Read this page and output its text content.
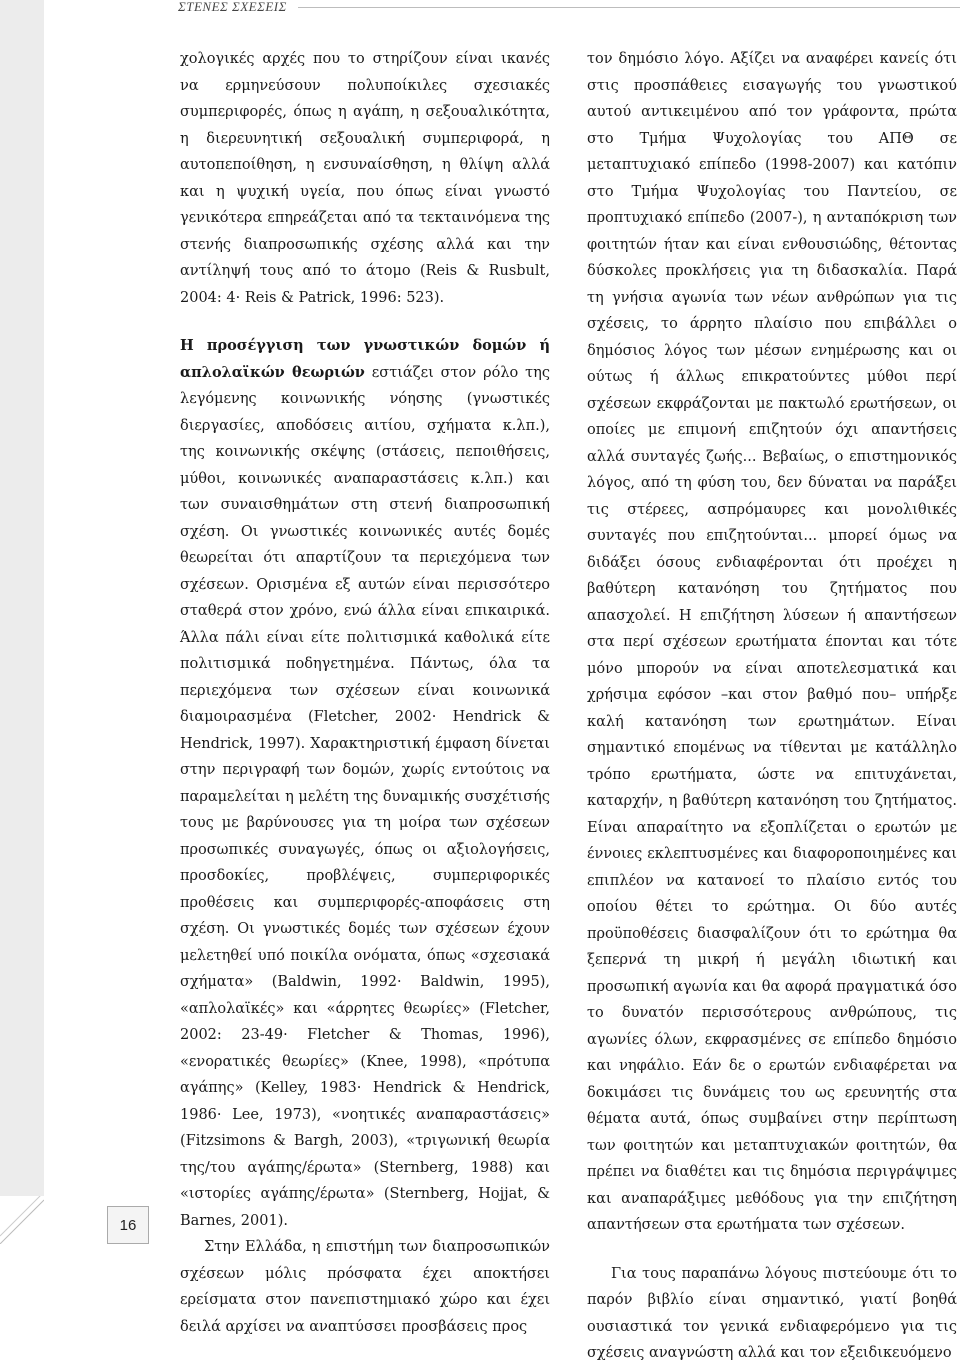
ΣΤΕΝΕΣ ΣΧΕΣΕΙΣ

χολογικές αρχές που το στηρίζουν είναι ικανές να ερμηνεύσουν πολυποίκιλες σχεσιακές συμπεριφορές, όπως η αγάπη, η σεξουαλικότητα, η διερευνητική σεξουαλική συμπεριφορά, η αυτοπεποίθηση, η ενσυναίσθηση, η θλίψη αλλά και η ψυχική υγεία, που όπως είναι γνωστό γενικότερα επηρεάζεται από τα τεκταινόμενα της στενής διαπροσωπικής σχέσης αλλά και την αντίληψή τους από το άτομο (Reis & Rusbult, 2004: 4· Reis & Patrick, 1996: 523).

Η προσέγγιση των γνωστικών δομών ή απλολαϊκών θεωριών εστιάζει στον ρόλο της λεγόμενης κοινωνικής νόησης (γνωστικές διεργασίες, αποδόσεις αιτίου, σχήματα κ.λπ.), της κοινωνικής σκέψης (στάσεις, πεποιθήσεις, μύθοι, κοινωνικές αναπαραστάσεις κ.λπ.) και των συναισθημάτων στη στενή διαπροσωπική σχέση. Οι γνωστικές κοινωνικές αυτές δομές θεωρείται ότι απαρτίζουν τα περιεχόμενα των σχέσεων. Ορισμένα εξ αυτών είναι περισσότερο σταθερά στον χρόνο, ενώ άλλα είναι επικαιρικά. Άλλα πάλι είναι είτε πολιτισμικά καθολικά είτε πολιτισμικά ποδηγετημένα. Πάντως, όλα τα περιεχόμενα των σχέσεων είναι κοινωνικά διαμοιρασμένα (Fletcher, 2002· Hendrick & Hendrick, 1997). Χαρακτηριστική έμφαση δίνεται στην περιγραφή των δομών, χωρίς εντούτοις να παραμελείται η μελέτη της δυναμικής συσχέτισής τους με βαρύνουσες για τη μοίρα των σχέσεων προσωπικές συναγωγές, όπως οι αξιολογήσεις, προσδοκίες, προβλέψεις, συμπεριφορικές προθέσεις και συμπεριφορές-αποφάσεις στη σχέση. Οι γνωστικές δομές των σχέσεων έχουν μελετηθεί υπό ποικίλα ονόματα, όπως «σχεσιακά σχήματα» (Baldwin, 1992· Baldwin, 1995), «απλολαϊκές» και «άρρητες θεωρίες» (Fletcher, 2002: 23-49· Fletcher & Thomas, 1996), «ενορατικές θεωρίες» (Knee, 1998), «πρότυπα αγάπης» (Kelley, 1983· Hendrick & Hendrick, 1986· Lee, 1973), «νοητικές αναπαραστάσεις» (Fitzsimons & Bargh, 2003), «τριγωνική θεωρία της/του αγάπης/έρωτα» (Sternberg, 1988) και «ιστορίες αγάπης/έρωτα» (Sternberg, Hojjat, & Barnes, 2001).

Στην Ελλάδα, η επιστήμη των διαπροσωπικών σχέσεων μόλις πρόσφατα έχει αποκτήσει ερείσματα στον πανεπιστημιακό χώρο και έχει δειλά αρχίσει να αναπτύσσει προσβάσεις προς

τον δημόσιο λόγο. Αξίζει να αναφέρει κανείς ότι στις προσπάθειες εισαγωγής του γνωστικού αυτού αντικειμένου από τον γράφοντα, πρώτα στο Τμήμα Ψυχολογίας του ΑΠΘ σε μεταπτυχιακό επίπεδο (1998-2007) και κατόπιν στο Τμήμα Ψυχολογίας του Παντείου, σε προπτυχιακό επίπεδο (2007-), η ανταπόκριση των φοιτητών ήταν και είναι ενθουσιώδης, θέτοντας δύσκολες προκλήσεις για τη διδασκαλία. Παρά τη γνήσια αγωνία των νέων ανθρώπων για τις σχέσεις, το άρρητο πλαίσιο που επιβάλλει ο δημόσιος λόγος των μέσων ενημέρωσης και οι ούτως ή άλλως επικρατούντες μύθοι περί σχέσεων εκφράζονται με πακτωλό ερωτήσεων, οι οποίες με επιμονή επιζητούν όχι απαντήσεις αλλά συνταγές ζωής... Βεβαίως, ο επιστημονικός λόγος, από τη φύση του, δεν δύναται να παράξει τις στέρεες, ασπρόμαυρες και μονολιθικές συνταγές που επιζητούνται... μπορεί όμως να διδάξει όσους ενδιαφέρονται ότι προέχει η βαθύτερη κατανόηση του ζητήματος που απασχολεί. Η επιζήτηση λύσεων ή απαντήσεων στα περί σχέσεων ερωτήματα έπονται και τότε μόνο μπορούν να είναι αποτελεσματικά και χρήσιμα εφόσον –και στον βαθμό που– υπήρξε καλή κατανόηση των ερωτημάτων. Είναι σημαντικό επομένως να τίθενται με κατάλληλο τρόπο ερωτήματα, ώστε να επιτυχάνεται, καταρχήν, η βαθύτερη κατανόηση του ζητήματος. Είναι απαραίτητο να εξοπλίζεται ο ερωτών με έννοιες εκλεπτυσμένες και διαφοροποιημένες και επιπλέον να κατανοεί το πλαίσιο εντός του οποίου θέτει το ερώτημα. Οι δύο αυτές προϋποθέσεις διασφαλίζουν ότι το ερώτημα θα ξεπερνά τη μικρή ή μεγάλη ιδιωτική και προσωπική αγωνία και θα αφορά πραγματικά όσο το δυνατόν περισσότερους ανθρώπους, τις αγωνίες όλων, εκφρασμένες σε επίπεδο δημόσιο και νηφάλιο. Εάν δε ο ερωτών ενδιαφέρεται να δοκιμάσει τις δυνάμεις του ως ερευνητής στα θέματα αυτά, όπως συμβαίνει στην περίπτωση των φοιτητών και μεταπτυχιακών φοιτητών, θα πρέπει να διαθέτει και τις δημόσια περιγράψιμες και αναπαράξιμες μεθόδους για την επιζήτηση απαντήσεων στα ερωτήματα των σχέσεων.

Για τους παραπάνω λόγους πιστεύουμε ότι το παρόν βιβλίο είναι σημαντικό, γιατί βοηθά ουσιαστικά τον γενικά ενδιαφερόμενο για τις σχέσεις αναγνώστη αλλά και τον εξειδικευόμενο

16
